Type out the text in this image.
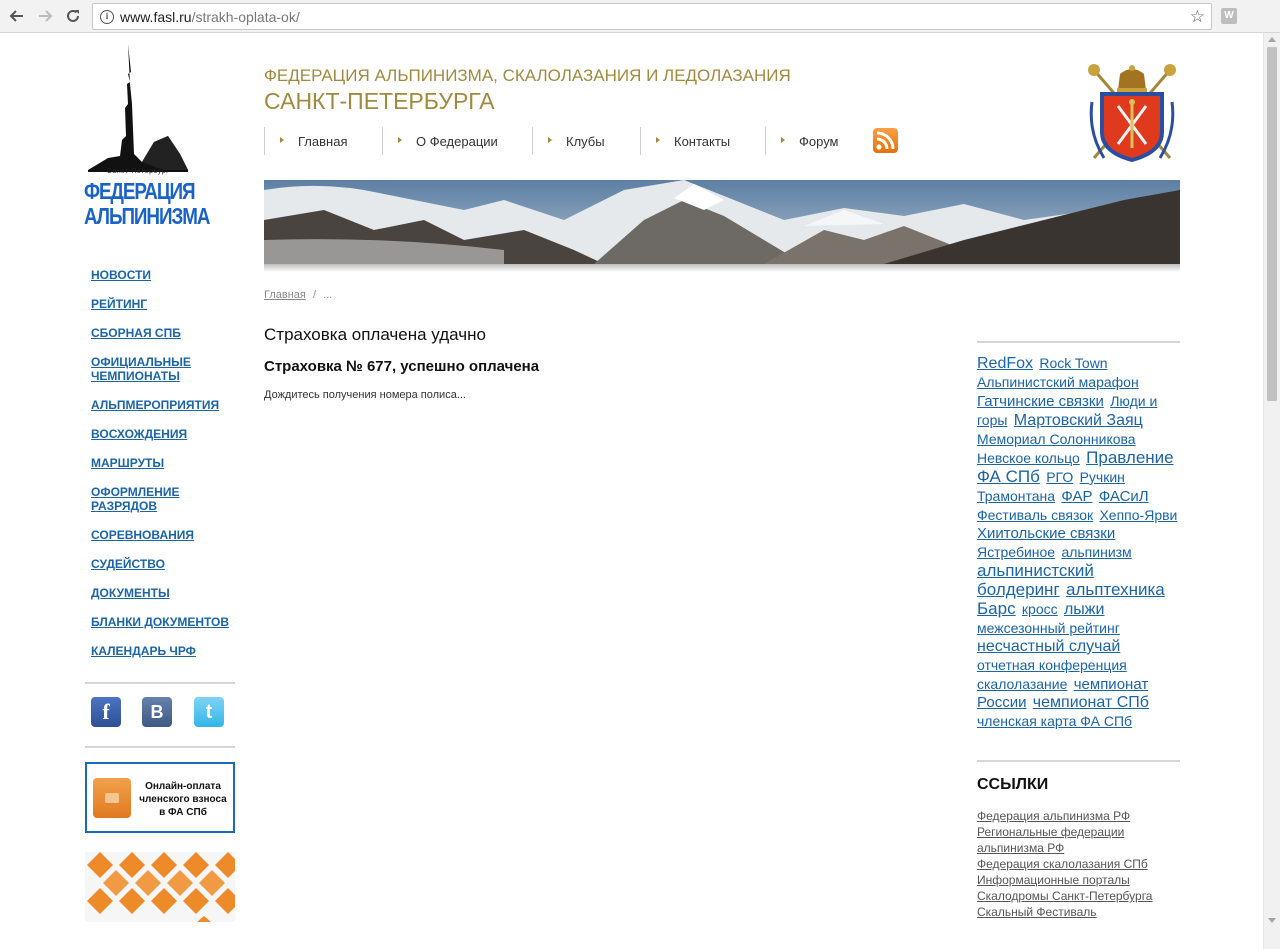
i www.fasl.ru/strakh-oplata-ok/	☆	W
Санкт-Петербург
ФЕДЕРАЦИЯ
АЛЬПИНИЗМА
НОВОСТИ
РЕЙТИНГ
СБОРНАЯ СПБ
ОФИЦИАЛЬНЫЕ ЧЕМПИОНАТЫ
АЛЬПМЕРОПРИЯТИЯ
ВОСХОЖДЕНИЯ
МАРШРУТЫ
ОФОРМЛЕНИЕ РАЗРЯДОВ
СОРЕВНОВАНИЯ
СУДЕЙСТВО
ДОКУМЕНТЫ
БЛАНКИ ДОКУМЕНТОВ
КАЛЕНДАРЬ ЧРФ
f	B	t
Онлайн-оплата членского взноса в ФА СПб
ФЕДЕРАЦИЯ АЛЬПИНИЗМА, СКАЛОЛАЗАНИЯ И ЛЕДОЛАЗАНИЯ
САНКТ-ПЕТЕРБУРГА
Главная	О Федерации	Клубы	Контакты	Форум
Главная / ...
Страховка оплачена удачно
Страховка № 677, успешно оплачена
Дождитесь получения номера полиса...
RedFox Rock Town Альпинистский марафон Гатчинские связки Люди и горы Мартовский Заяц Мемориал Солонникова Невское кольцо Правление ФА СПб РГО Ручкин Трамонтана ФАР ФАСиЛ Фестиваль связок Хеппо-Ярви Хиитольские связки Ястребиное альпинизм альпинистский болдеринг альптехника Барс кросс лыжи межсезонный рейтинг несчастный случай отчетная конференция скалолазание чемпионат России чемпионат СПб членская карта ФА СПб
ССЫЛКИ
Федерация альпинизма РФ
Региональные федерации альпинизма РФ
Федерация скалолазания СПб
Информационные порталы
Скалодромы Санкт-Петербурга
Скальный Фестиваль
